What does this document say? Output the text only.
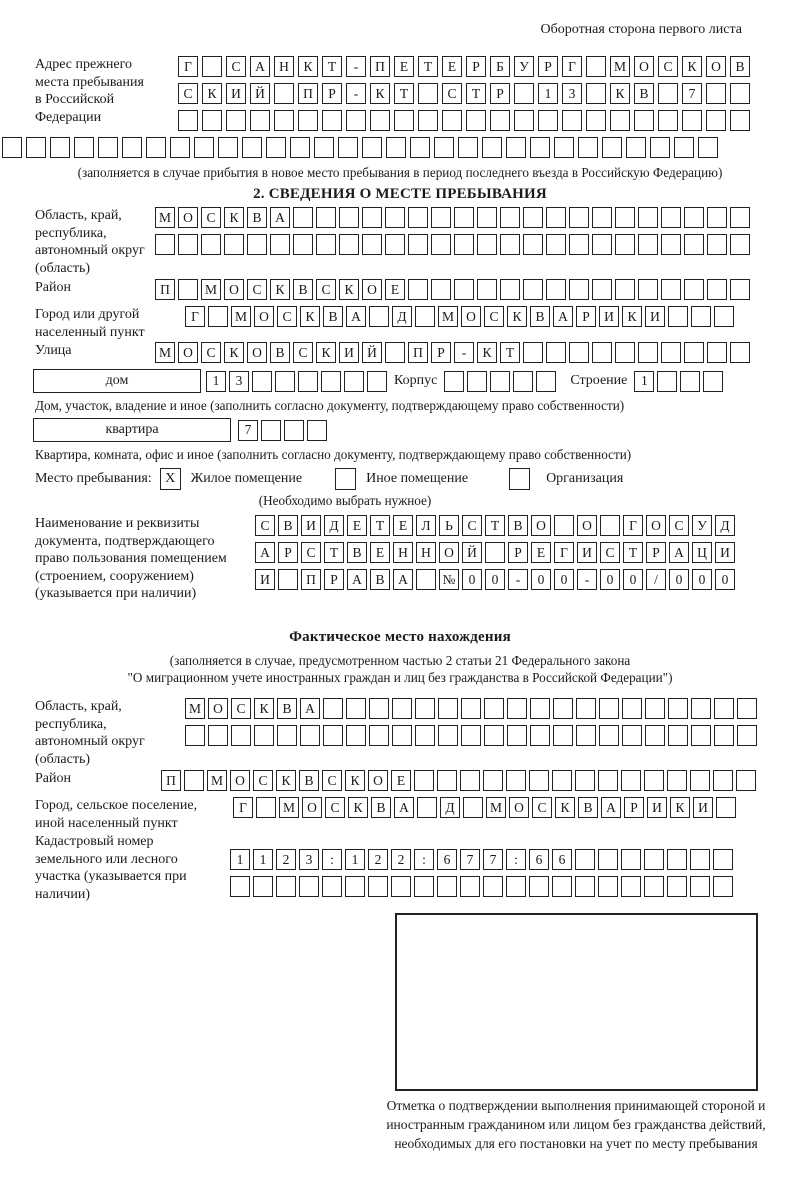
Оборотная сторона первого листа
Адрес прежнего места пребывания в Российской Федерации
Г	С	А	Н	К	Т	-	П	Е	Т	Е	Р	Б	У	Р	Г	М О	С	К	О	В
С	К	И	Й	П	Р	-	К	Т	С	Т	Р	1	3	К	В	7
(заполняется в случае прибытия в новое место пребывания в период последнего въезда в Российскую Федерацию)
2. СВЕДЕНИЯ О МЕСТЕ ПРЕБЫВАНИЯ
Область, край, республика, автономный округ (область)
М О	С	К	В	А
Район	П	М О	С	К	В	С	К	О	Е
Город или другой населенный пункт
Г	М О	С	К	В	А	Д	М О	С	К	В	А	Р	И	К	И
Улица	М О	С	К	О	В	С	К	И Й	П	Р	-	К	Т
дом	1	3	Корпус	Строение	1
Дом, участок, владение и иное (заполнить согласно документу, подтверждающему право собственности)
квартира	7
Квартира, комната, офис и иное (заполнить согласно документу, подтверждающему право собственности)
Место пребывания: X	Жилое помещение	Иное помещение	Организация
(Необходимо выбрать нужное)
Наименование и реквизиты документа, подтверждающего право пользования помещением (строением, сооружением) (указывается при наличии)
С	В	И	Д	Е	Т	Е	Л	Ь	С	Т	В	О	О	Г	О	С	У	Д
А	Р	С	Т	В	Е	Н Н О Й	Р	Е	Г	И	С	Т	Р	А Ц И
И	П	Р	А	В	А	№ 0	0	-	0	0	-	0	0	/	0	0	0
Фактическое место нахождения
(заполняется в случае, предусмотренном частью 2 статьи 21 Федерального закона
"О миграционном учете иностранных граждан и лиц без гражданства в Российской Федерации")
Область, край, республика, автономный округ (область)
М О	С	К	В	А
Район	П	М О	С	К	В	С	К	О	Е
Город, сельское поселение, иной населенный пункт
Г	М О	С	К	В	А	Д	М О	С	К	В	А	Р	И	К	И
Кадастровый номер земельного или лесного участка (указывается при наличии)
1	1	2	3	:	1	2	2	:	6	7	7	:	6	6
Отметка о подтверждении выполнения принимающей стороной и иностранным гражданином или лицом без гражданства действий, необходимых для его постановки на учет по месту пребывания
